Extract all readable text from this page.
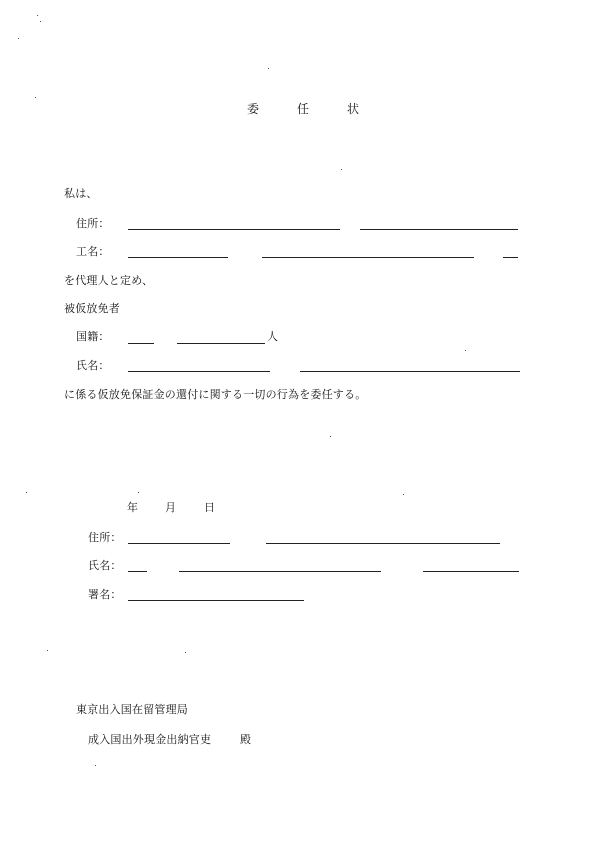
委	任	状
私は、
住所：
工名：
を代理人と定め、
被仮放免者
国籍：	人
氏名：
に係る仮放免保証金の還付に関する一切の行為を委任する。
年 月	日
住所：
氏名：
署名：
東京出入国在留管理局
成入国出外現金出納官吏	殿
